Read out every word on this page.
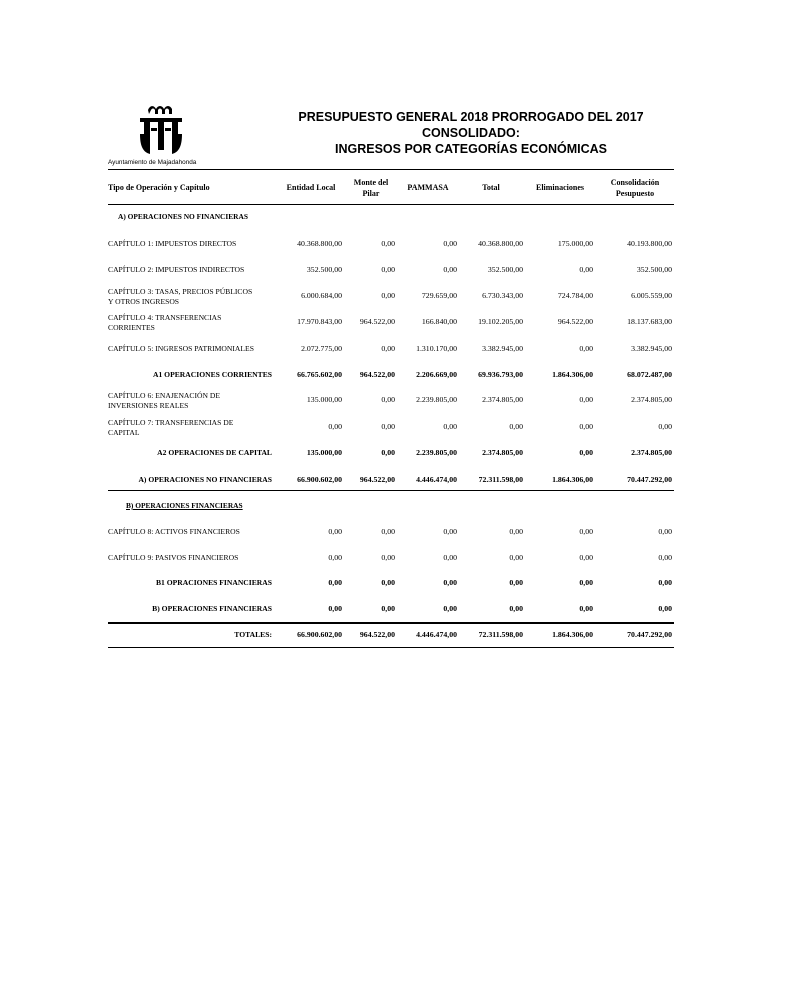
Ayuntamiento de Majadahonda
PRESUPUESTO GENERAL 2018 PRORROGADO DEL 2017
CONSOLIDADO:
INGRESOS POR CATEGORÍAS ECONÓMICAS
Tipo de Operación y Capítulo	Entidad Local
Monte del
Pilar
PAMMASA	Total	Eliminaciones
Consolidación
Pesupuesto
A) OPERACIONES NO FINANCIERAS
CAPÍTULO 1: IMPUESTOS DIRECTOS	40.368.800,00	0,00	0,00	40.368.800,00	175.000,00	40.193.800,00
CAPÍTULO 2: IMPUESTOS INDIRECTOS	352.500,00	0,00	0,00	352.500,00	0,00	352.500,00
CAPÍTULO 3: TASAS, PRECIOS PÚBLICOS
Y OTROS INGRESOS
6.000.684,00	0,00	729.659,00	6.730.343,00	724.784,00	6.005.559,00
CAPÍTULO 4: TRANSFERENCIAS
CORRIENTES
17.970.843,00 964.522,00	166.840,00	19.102.205,00	964.522,00	18.137.683,00
CAPÍTULO 5: INGRESOS PATRIMONIALES	2.072.775,00	0,00	1.310.170,00	3.382.945,00	0,00	3.382.945,00
A1 OPERACIONES CORRIENTES	66.765.602,00 964.522,00	2.206.669,00	69.936.793,00	1.864.306,00	68.072.487,00
CAPÍTULO 6: ENAJENACIÓN DE
INVERSIONES REALES
135.000,00	0,00	2.239.805,00	2.374.805,00	0,00	2.374.805,00
CAPÍTULO 7: TRANSFERENCIAS DE
CAPITAL
0,00	0,00	0,00	0,00	0,00	0,00
A2 OPERACIONES DE CAPITAL	135.000,00	0,00	2.239.805,00	2.374.805,00	0,00	2.374.805,00
A) OPERACIONES NO FINANCIERAS	66.900.602,00 964.522,00	4.446.474,00	72.311.598,00	1.864.306,00	70.447.292,00
B) OPERACIONES FINANCIERAS
CAPÍTULO 8: ACTIVOS FINANCIEROS	0,00	0,00	0,00	0,00	0,00	0,00
CAPÍTULO 9: PASIVOS FINANCIEROS	0,00	0,00	0,00	0,00	0,00	0,00
B1 OPRACIONES FINANCIERAS	0,00	0,00	0,00	0,00	0,00	0,00
B) OPERACIONES FINANCIERAS	0,00	0,00	0,00	0,00	0,00	0,00
TOTALES:	66.900.602,00 964.522,00	4.446.474,00	72.311.598,00	1.864.306,00	70.447.292,00
